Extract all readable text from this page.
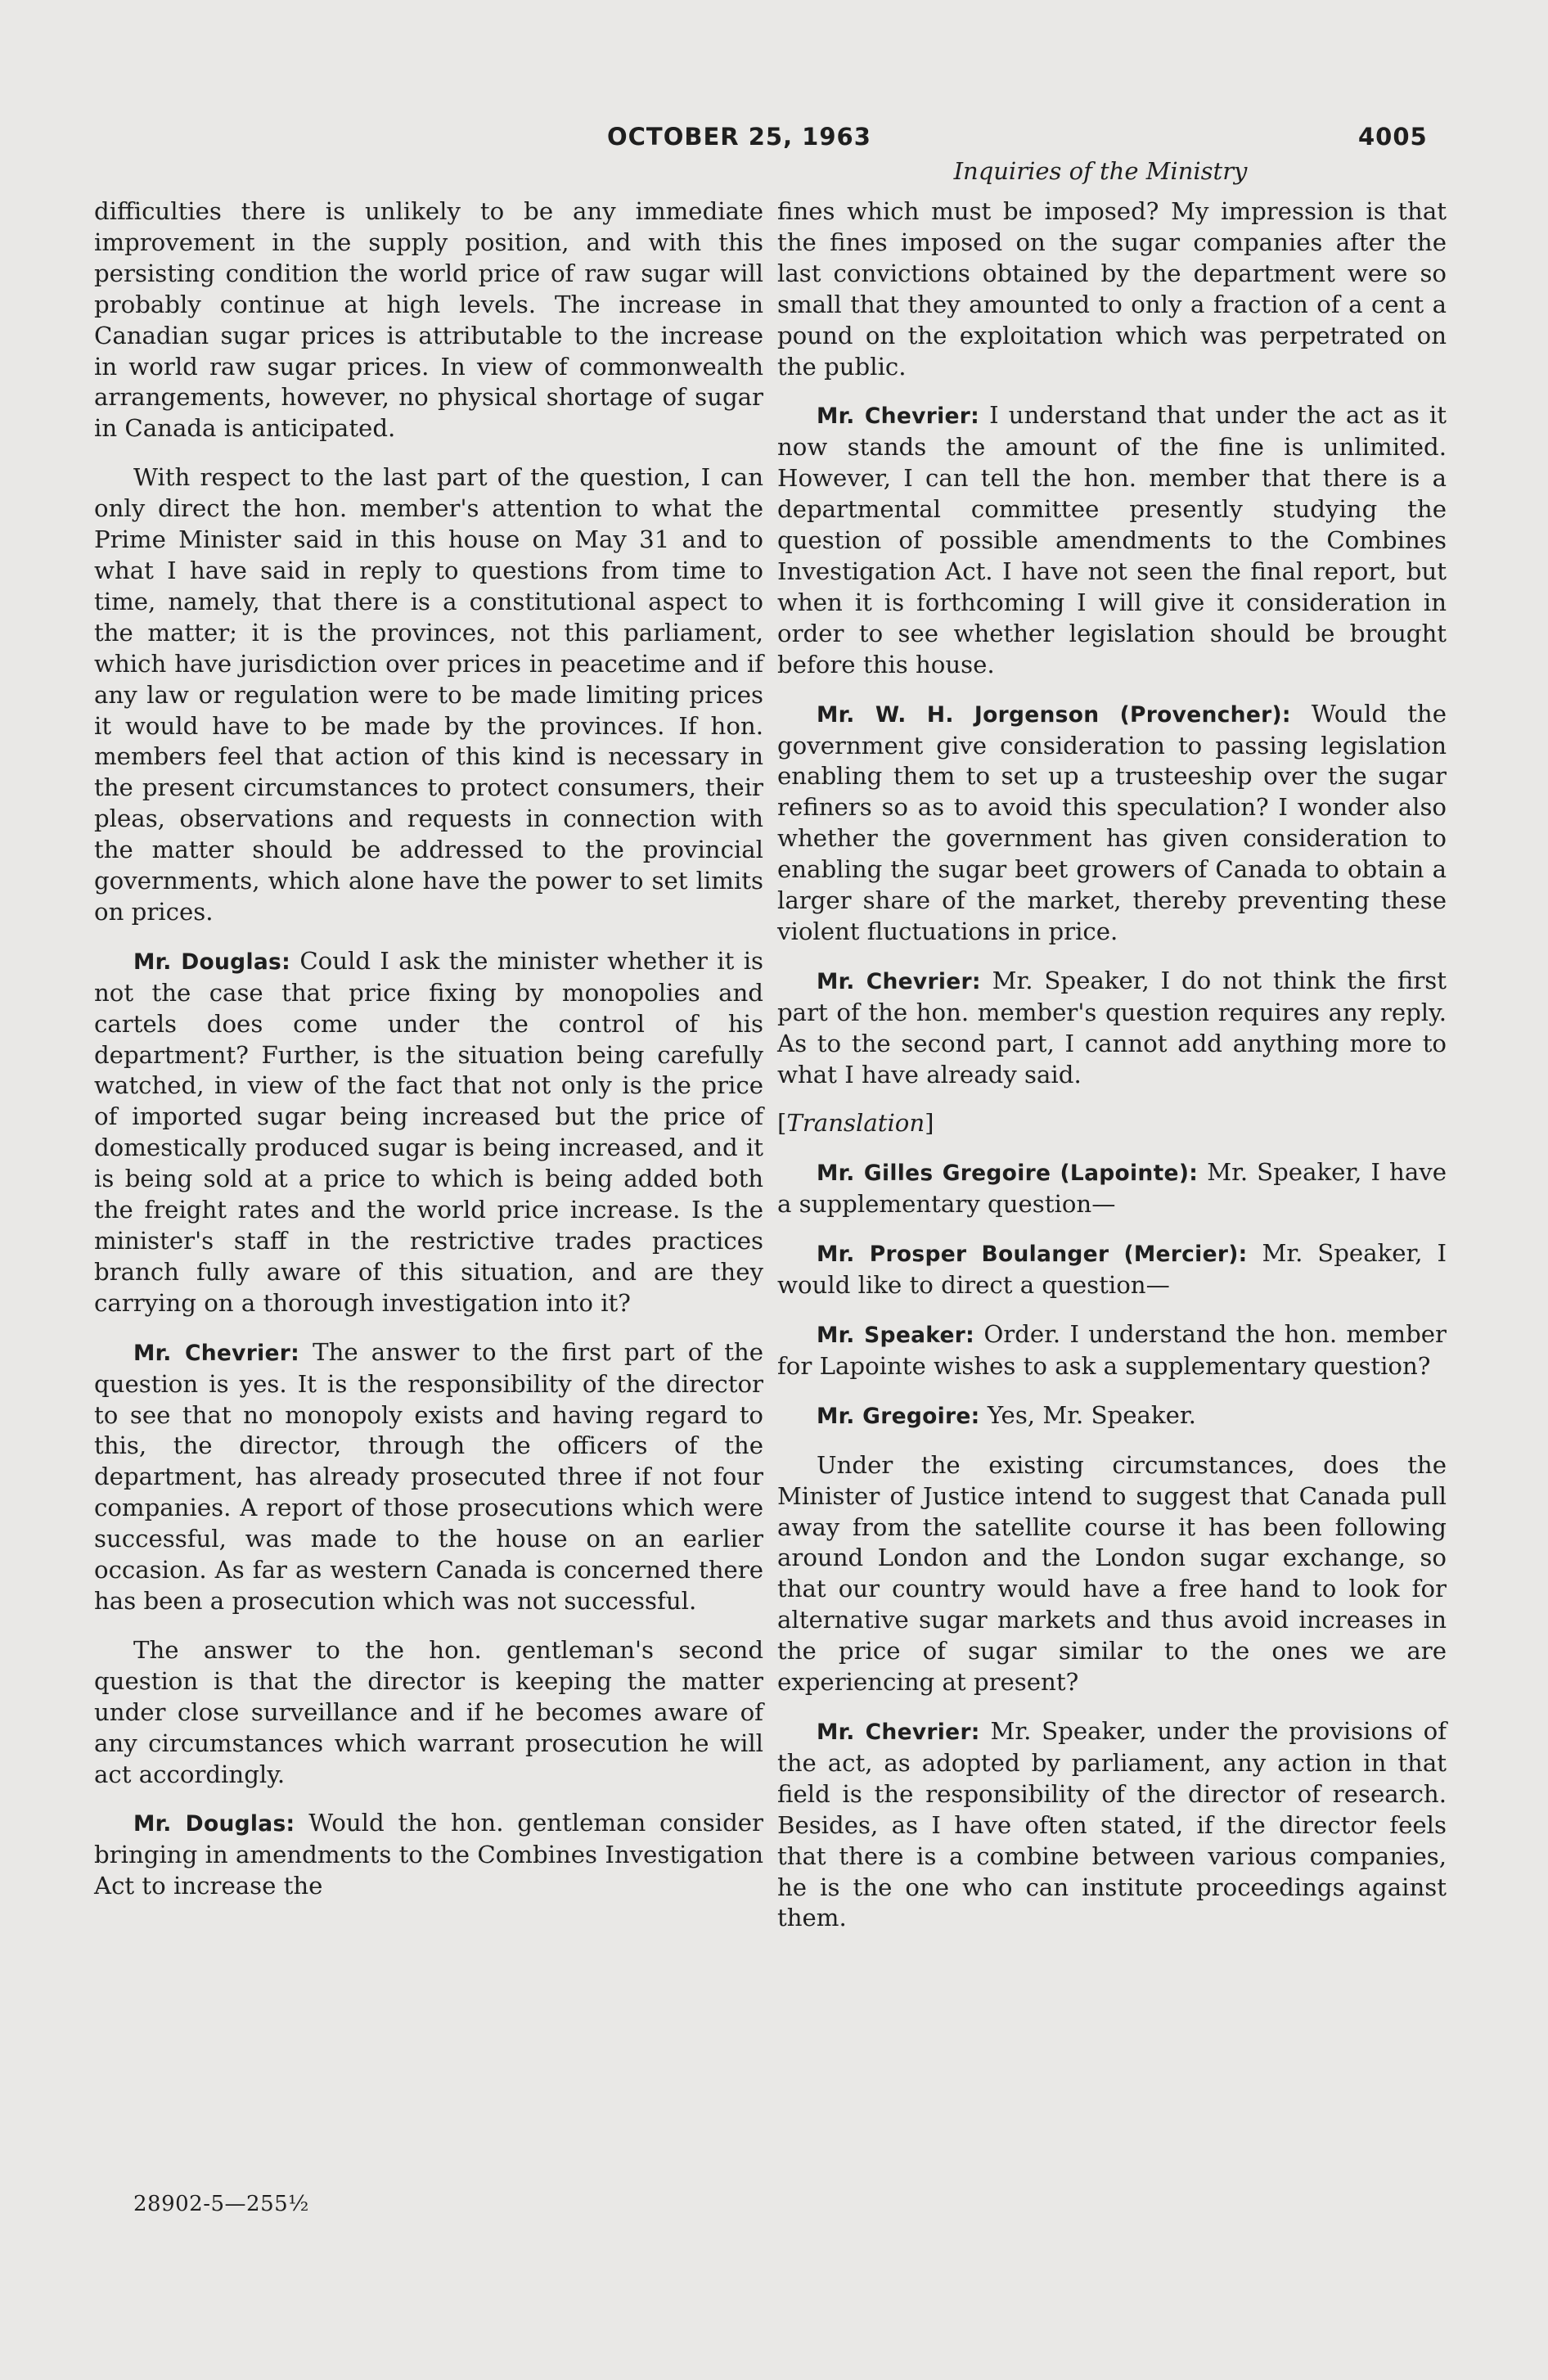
OCTOBER 25, 1963	4005
Inquiries of the Ministry

difficulties there is unlikely to be any immediate improvement in the supply position, and with this persisting condition the world price of raw sugar will probably continue at high levels. The increase in Canadian sugar prices is attributable to the increase in world raw sugar prices. In view of commonwealth arrangements, however, no physical shortage of sugar in Canada is anticipated.

With respect to the last part of the question, I can only direct the hon. member's attention to what the Prime Minister said in this house on May 31 and to what I have said in reply to questions from time to time, namely, that there is a constitutional aspect to the matter; it is the provinces, not this parliament, which have jurisdiction over prices in peacetime and if any law or regulation were to be made limiting prices it would have to be made by the provinces. If hon. members feel that action of this kind is necessary in the present circumstances to protect consumers, their pleas, observations and requests in connection with the matter should be addressed to the provincial governments, which alone have the power to set limits on prices.

Mr. Douglas: Could I ask the minister whether it is not the case that price fixing by monopolies and cartels does come under the control of his department? Further, is the situation being carefully watched, in view of the fact that not only is the price of imported sugar being increased but the price of domestically produced sugar is being increased, and it is being sold at a price to which is being added both the freight rates and the world price increase. Is the minister's staff in the restrictive trades practices branch fully aware of this situation, and are they carrying on a thorough investigation into it?

Mr. Chevrier: The answer to the first part of the question is yes. It is the responsibility of the director to see that no monopoly exists and having regard to this, the director, through the officers of the department, has already prosecuted three if not four companies. A report of those prosecutions which were successful, was made to the house on an earlier occasion. As far as western Canada is concerned there has been a prosecution which was not successful.

The answer to the hon. gentleman's second question is that the director is keeping the matter under close surveillance and if he becomes aware of any circumstances which warrant prosecution he will act accordingly.

Mr. Douglas: Would the hon. gentleman consider bringing in amendments to the Combines Investigation Act to increase the

fines which must be imposed? My impression is that the fines imposed on the sugar companies after the last convictions obtained by the department were so small that they amounted to only a fraction of a cent a pound on the exploitation which was perpetrated on the public.

Mr. Chevrier: I understand that under the act as it now stands the amount of the fine is unlimited. However, I can tell the hon. member that there is a departmental committee presently studying the question of possible amendments to the Combines Investigation Act. I have not seen the final report, but when it is forthcoming I will give it consideration in order to see whether legislation should be brought before this house.

Mr. W. H. Jorgenson (Provencher): Would the government give consideration to passing legislation enabling them to set up a trusteeship over the sugar refiners so as to avoid this speculation? I wonder also whether the government has given consideration to enabling the sugar beet growers of Canada to obtain a larger share of the market, thereby preventing these violent fluctuations in price.

Mr. Chevrier: Mr. Speaker, I do not think the first part of the hon. member's question requires any reply. As to the second part, I cannot add anything more to what I have already said.

[Translation]

Mr. Gilles Gregoire (Lapointe): Mr. Speaker, I have a supplementary question—

Mr. Prosper Boulanger (Mercier): Mr. Speaker, I would like to direct a question—

Mr. Speaker: Order. I understand the hon. member for Lapointe wishes to ask a supplementary question?

Mr. Gregoire: Yes, Mr. Speaker.

Under the existing circumstances, does the Minister of Justice intend to suggest that Canada pull away from the satellite course it has been following around London and the London sugar exchange, so that our country would have a free hand to look for alternative sugar markets and thus avoid increases in the price of sugar similar to the ones we are experiencing at present?

Mr. Chevrier: Mr. Speaker, under the provisions of the act, as adopted by parliament, any action in that field is the responsibility of the director of research. Besides, as I have often stated, if the director feels that there is a combine between various companies, he is the one who can institute proceedings against them.

28902-5—255½
